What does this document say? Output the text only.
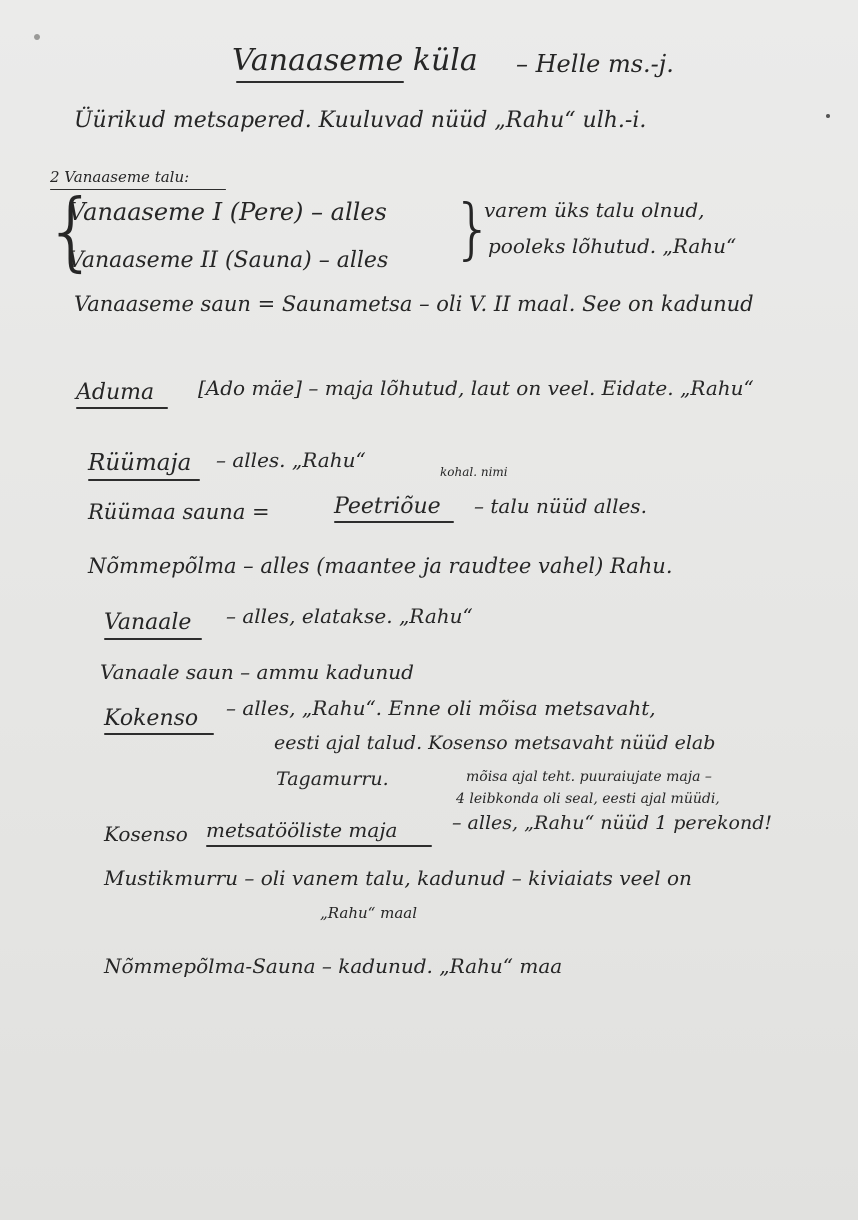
Vanaaseme küla – Helle ms.-j.
Üürikud metsapered. Kuuluvad nüüd „Rahu“ ulh.-i.
2 Vanaaseme talu:
{
Vanaaseme I (Pere) – alles
Vanaaseme II (Sauna) – alles }
varem üks talu olnud,
pooleks lõhutud. „Rahu“
Vanaaseme saun = Saunametsa – oli V. II maal. See on kadunud
Aduma [Ado mäe] – maja lõhutud, laut on veel. Eidate. „Rahu“
Rüümaja – alles. „Rahu“	kohal. nimi
Rüümaa sauna =	Peetriõue – talu nüüd alles.
Nõmmepõlma – alles (maantee ja raudtee vahel) Rahu.
Vanaale – alles, elatakse. „Rahu“
Vanaale saun – ammu kadunud
Kokenso – alles, „Rahu“. Enne oli mõisa metsavaht,
eesti ajal talud. Kosenso metsavaht nüüd elab
Tagamurru.	mõisa ajal teht. puuraiujate maja –
4 leibkonda oli seal, eesti ajal müüdi,
Kosenso metsatööliste maja	– alles, „Rahu“ nüüd 1 perekond!
Mustikmurru – oli vanem talu, kadunud – kiviaiats veel on
„Rahu“ maal
Nõmmepõlma-Sauna – kadunud. „Rahu“ maa
